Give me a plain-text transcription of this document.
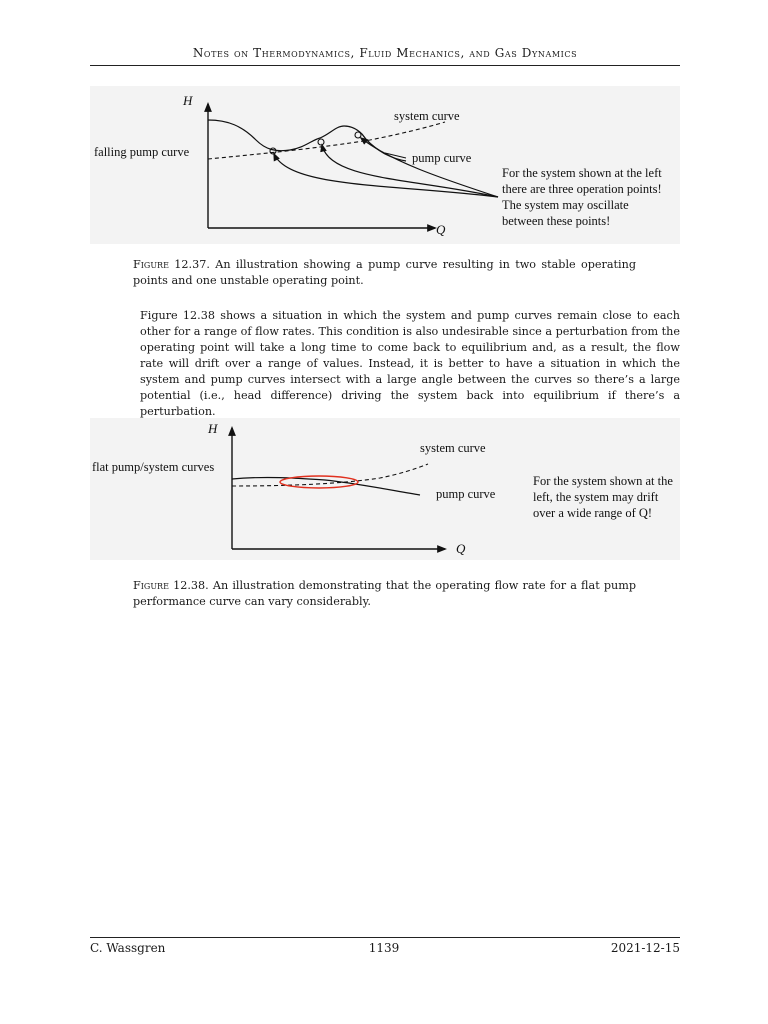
Notes on Thermodynamics, Fluid Mechanics, and Gas Dynamics
H
Q
falling pump curve
system curve
pump curve
For the system shown at the left there are three operation points! The system may oscillate between these points!
Figure 12.37. An illustration showing a pump curve resulting in two stable operating points and one unstable operating point.
Figure 12.38 shows a situation in which the system and pump curves remain close to each other for a range of flow rates. This condition is also undesirable since a perturbation from the operating point will take a long time to come back to equilibrium and, as a result, the flow rate will drift over a range of values. Instead, it is better to have a situation in which the system and pump curves intersect with a large angle between the curves so there’s a large potential (i.e., head difference) driving the system back into equilibrium if there’s a perturbation.
H
Q
flat pump/system curves
system curve
pump curve
For the system shown at the left, the system may drift over a wide range of Q!
Figure 12.38. An illustration demonstrating that the operating flow rate for a flat pump performance curve can vary considerably.
C. Wassgren	1139	2021-12-15
